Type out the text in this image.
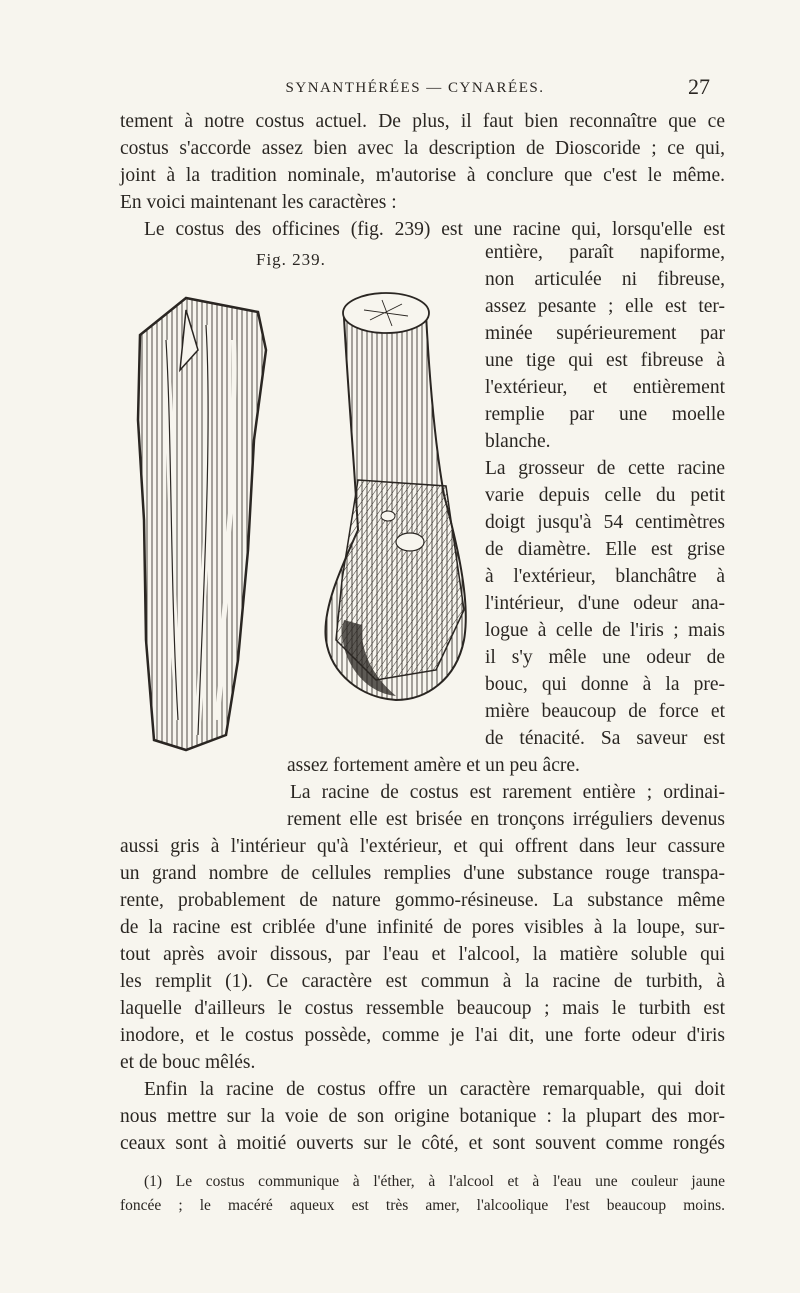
SYNANTHÉRÉES — CYNARÉES.	27
tement à notre costus actuel. De plus, il faut bien reconnaître que ce
costus s'accorde assez bien avec la description de Dioscoride ; ce qui,
joint à la tradition nominale, m'autorise à conclure que c'est le même.
En voici maintenant les caractères :
Le costus des officines (fig. 239) est une racine qui, lorsqu'elle est
Fig. 239.	entière, paraît napiforme,
non articulée ni fibreuse,
assez pesante ; elle est ter-
minée supérieurement par
une tige qui est fibreuse à
l'extérieur, et entièrement
remplie par une moelle
blanche.
La grosseur de cette racine
varie depuis celle du petit
doigt jusqu'à 54 centimètres
de diamètre. Elle est grise
à l'extérieur, blanchâtre à
l'intérieur, d'une odeur ana-
logue à celle de l'iris ; mais
il s'y mêle une odeur de
bouc, qui donne à la pre-
mière beaucoup de force et
de ténacité. Sa saveur est
assez fortement amère et un peu âcre.
La racine de costus est rarement entière ; ordinai-
rement elle est brisée en tronçons irréguliers devenus
aussi gris à l'intérieur qu'à l'extérieur, et qui offrent dans leur cassure
un grand nombre de cellules remplies d'une substance rouge transpa-
rente, probablement de nature gommo-résineuse. La substance même
de la racine est criblée d'une infinité de pores visibles à la loupe, sur-
tout après avoir dissous, par l'eau et l'alcool, la matière soluble qui
les remplit (1). Ce caractère est commun à la racine de turbith, à
laquelle d'ailleurs le costus ressemble beaucoup ; mais le turbith est
inodore, et le costus possède, comme je l'ai dit, une forte odeur d'iris
et de bouc mêlés.
Enfin la racine de costus offre un caractère remarquable, qui doit
nous mettre sur la voie de son origine botanique : la plupart des mor-
ceaux sont à moitié ouverts sur le côté, et sont souvent comme rongés
(1) Le costus communique à l'éther, à l'alcool et à l'eau une couleur jaune
foncée ; le macéré aqueux est très amer, l'alcoolique l'est beaucoup moins.
